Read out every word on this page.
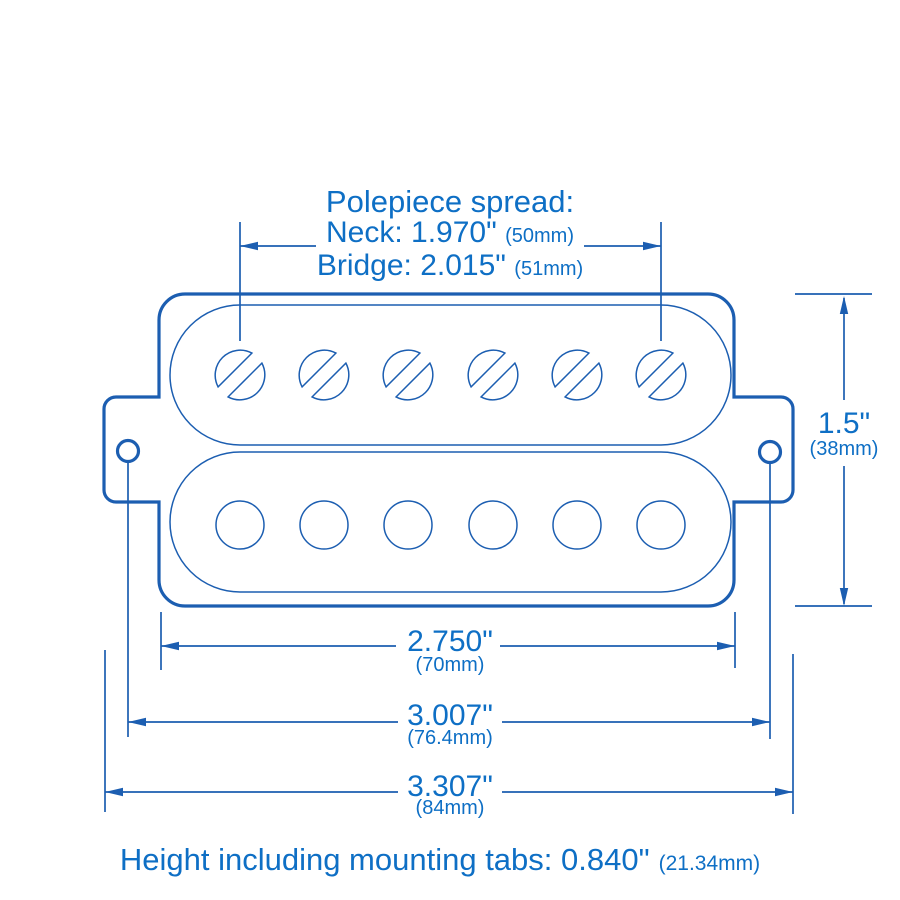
Polepiece spread:
Neck: 1.970" (50mm)
Bridge: 2.015" (51mm)
1.5"
(38mm)
2.750"
(70mm)
3.007"
(76.4mm)
3.307"
(84mm)
Height including mounting tabs: 0.840" (21.34mm)
